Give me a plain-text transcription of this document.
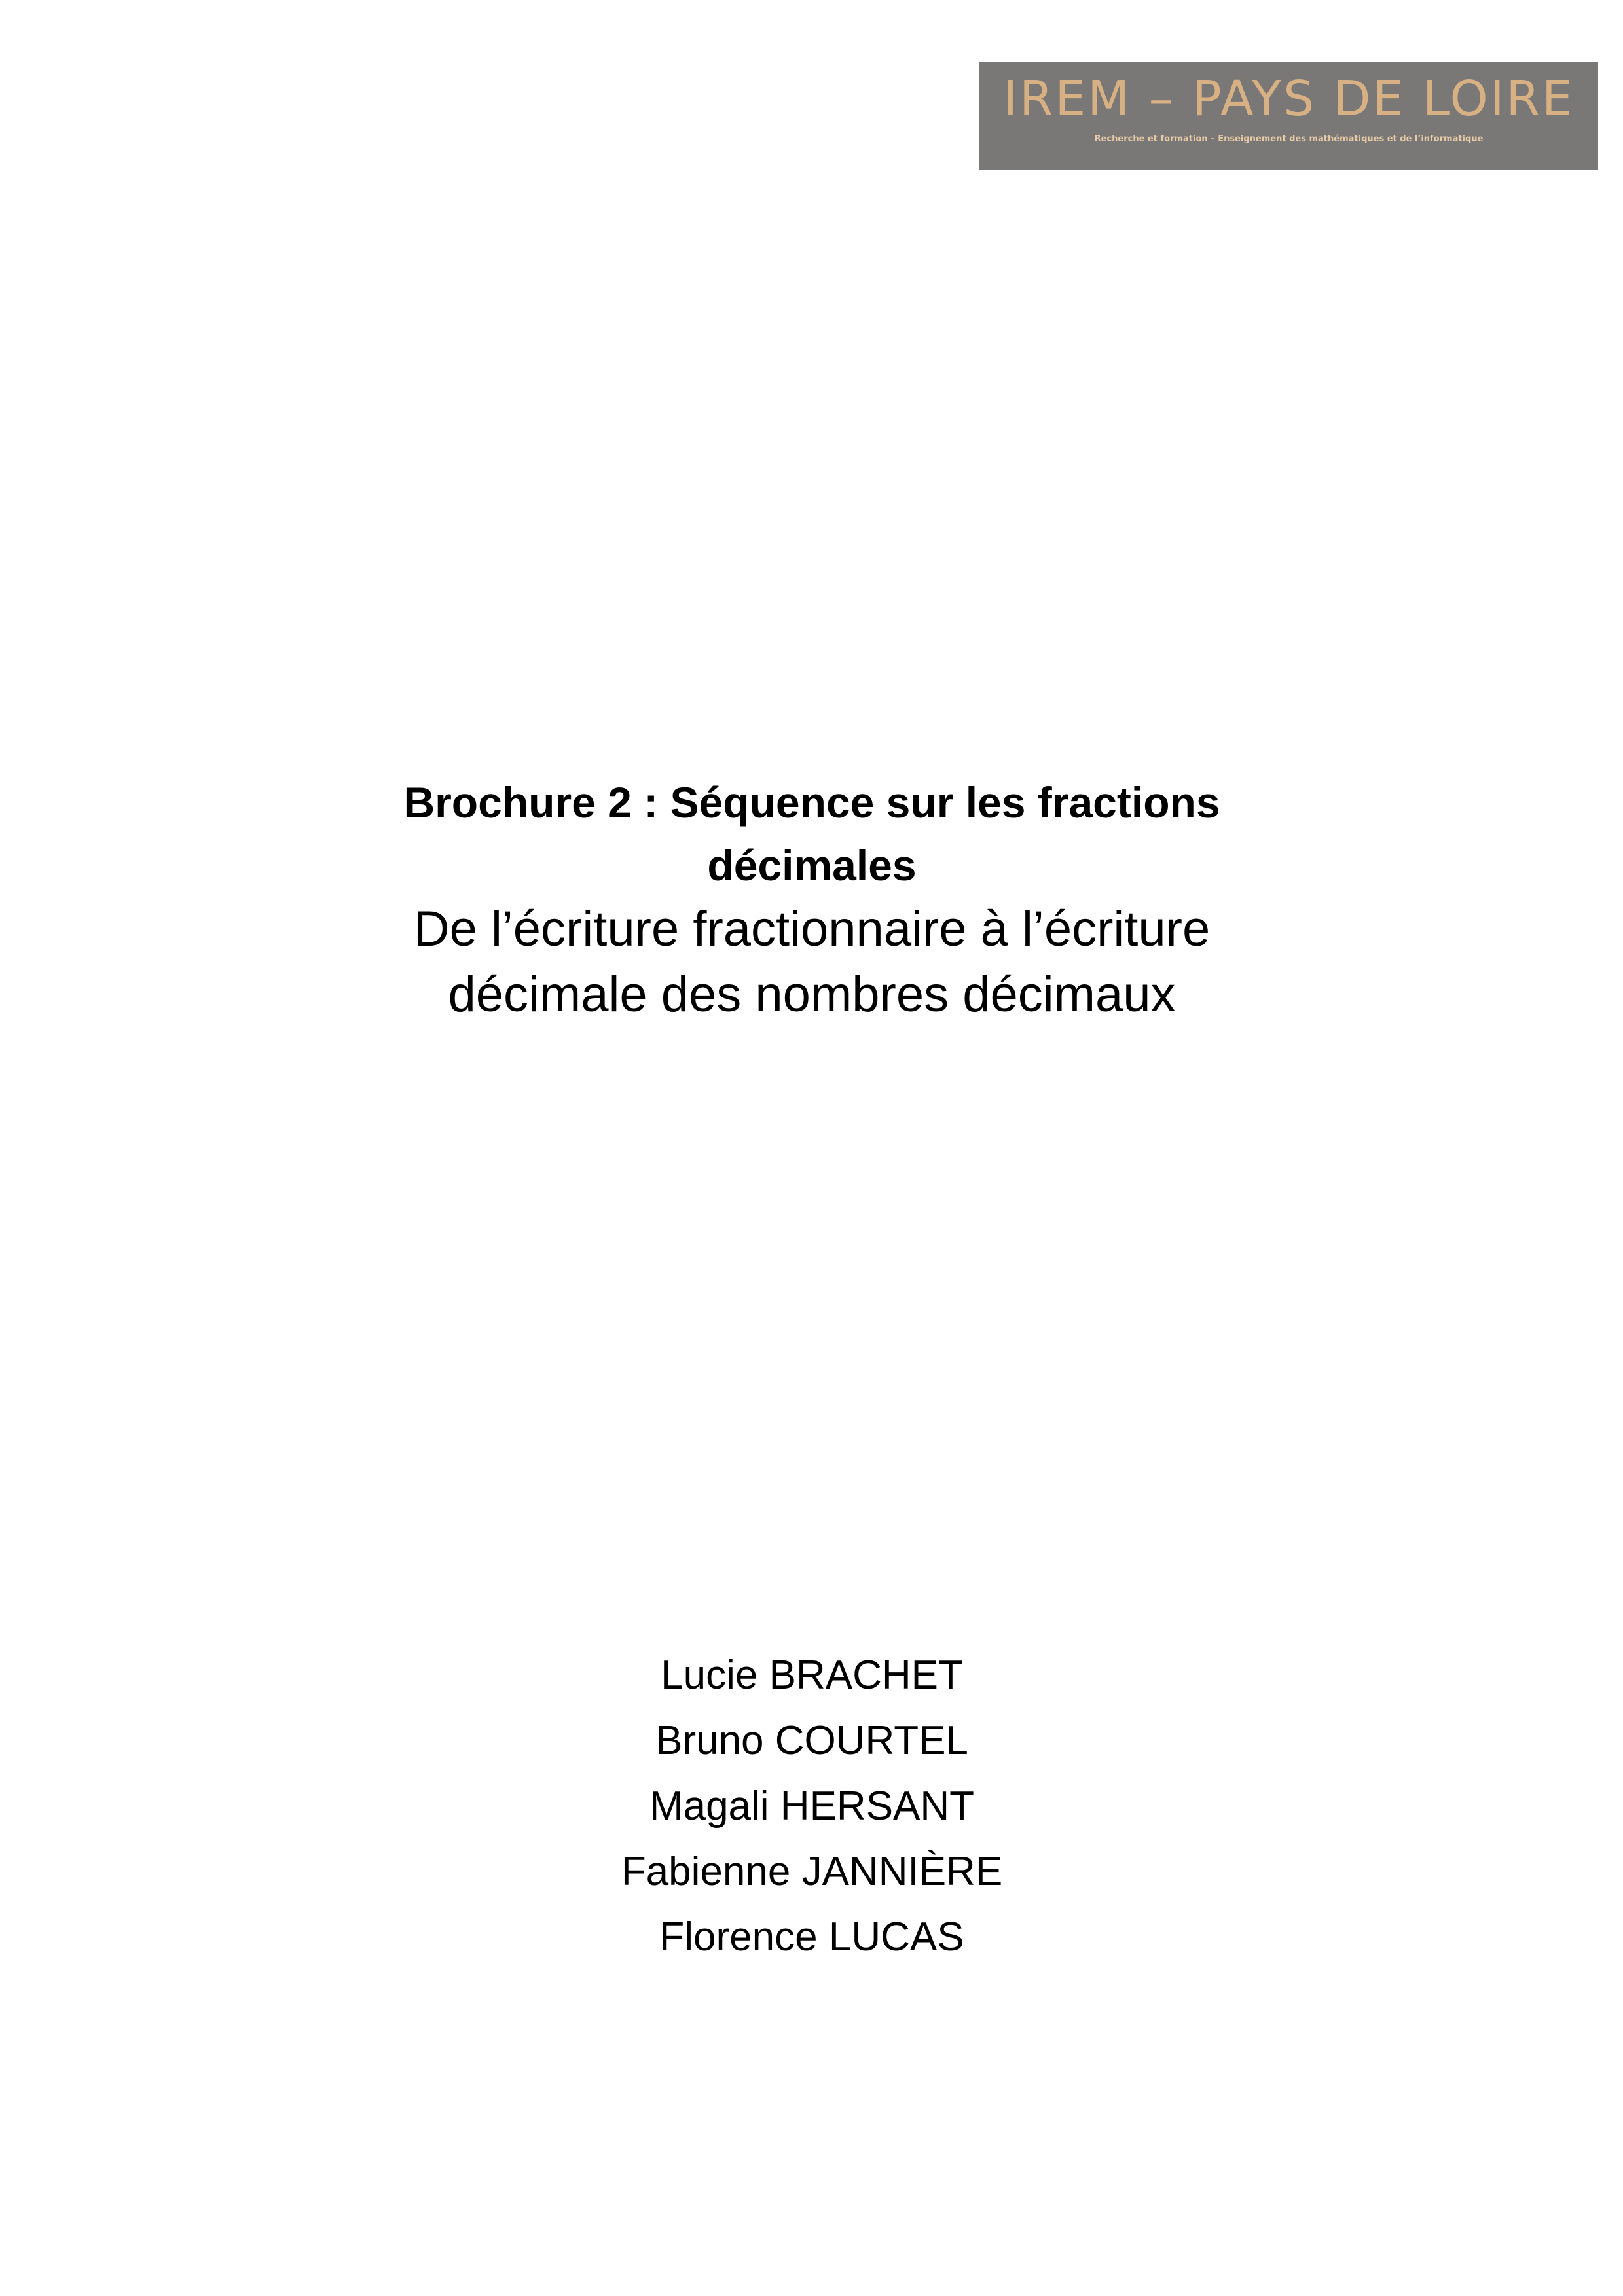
IREM – PAYS DE LOIRE
Recherche et formation – Enseignement des mathématiques et de l’informatique
Brochure 2 : Séquence sur les fractions
décimales

De l’écriture fractionnaire à l’écriture
décimale des nombres décimaux

Lucie BRACHET
Bruno COURTEL
Magali HERSANT
Fabienne JANNIÈRE
Florence LUCAS
